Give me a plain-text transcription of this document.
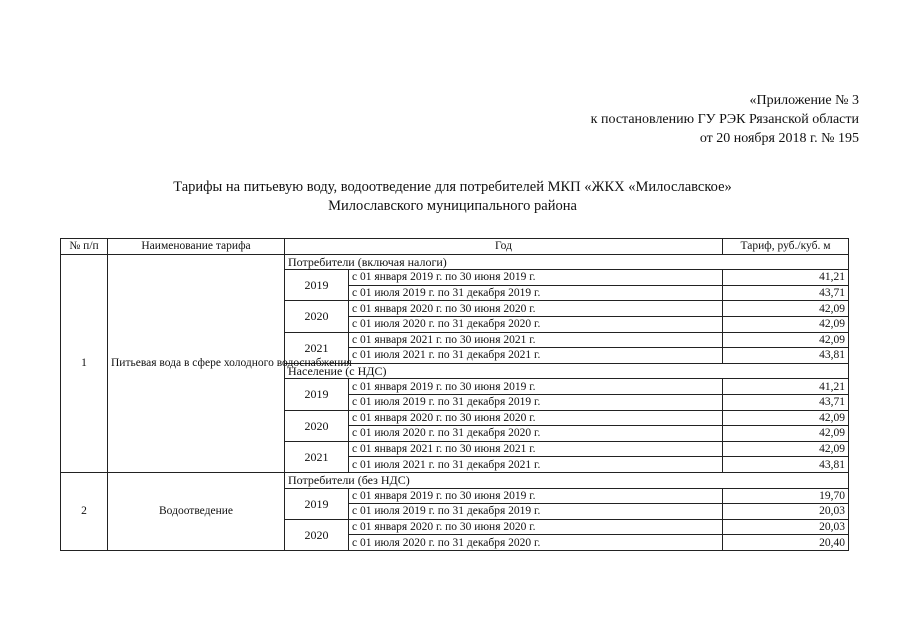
«Приложение № 3
к постановлению ГУ РЭК Рязанской области
от 20 ноября 2018 г. № 195
Тарифы на питьевую воду, водоотведение для потребителей МКП «ЖКХ «Милославское»
Милославского муниципального района
№ п/п	Наименование тарифа	Год		Тариф, руб./куб. м
1	Питьевая вода в сфере холодного водоснабжения	Потребители (включая налоги)		
		2019	с 01 января 2019 г. по 30 июня 2019 г.	41,21
			с 01 июля 2019 г. по 31 декабря 2019 г.	43,71
		2020	с 01 января 2020 г. по 30 июня 2020 г.	42,09
			с 01 июля 2020 г. по 31 декабря 2020 г.	42,09
		2021	с 01 января 2021 г. по 30 июня 2021 г.	42,09
			с 01 июля 2021 г. по 31 декабря 2021 г.	43,81
		Население (с НДС)		
		2019	с 01 января 2019 г. по 30 июня 2019 г.	41,21
			с 01 июля 2019 г. по 31 декабря 2019 г.	43,71
		2020	с 01 января 2020 г. по 30 июня 2020 г.	42,09
			с 01 июля 2020 г. по 31 декабря 2020 г.	42,09
		2021	с 01 января 2021 г. по 30 июня 2021 г.	42,09
			с 01 июля 2021 г. по 31 декабря 2021 г.	43,81
2	Водоотведение	Потребители (без НДС)		
		2019	с 01 января 2019 г. по 30 июня 2019 г.	19,70
			с 01 июля 2019 г. по 31 декабря 2019 г.	20,03
		2020	с 01 января 2020 г. по 30 июня 2020 г.	20,03
			с 01 июля 2020 г. по 31 декабря 2020 г.	20,40
